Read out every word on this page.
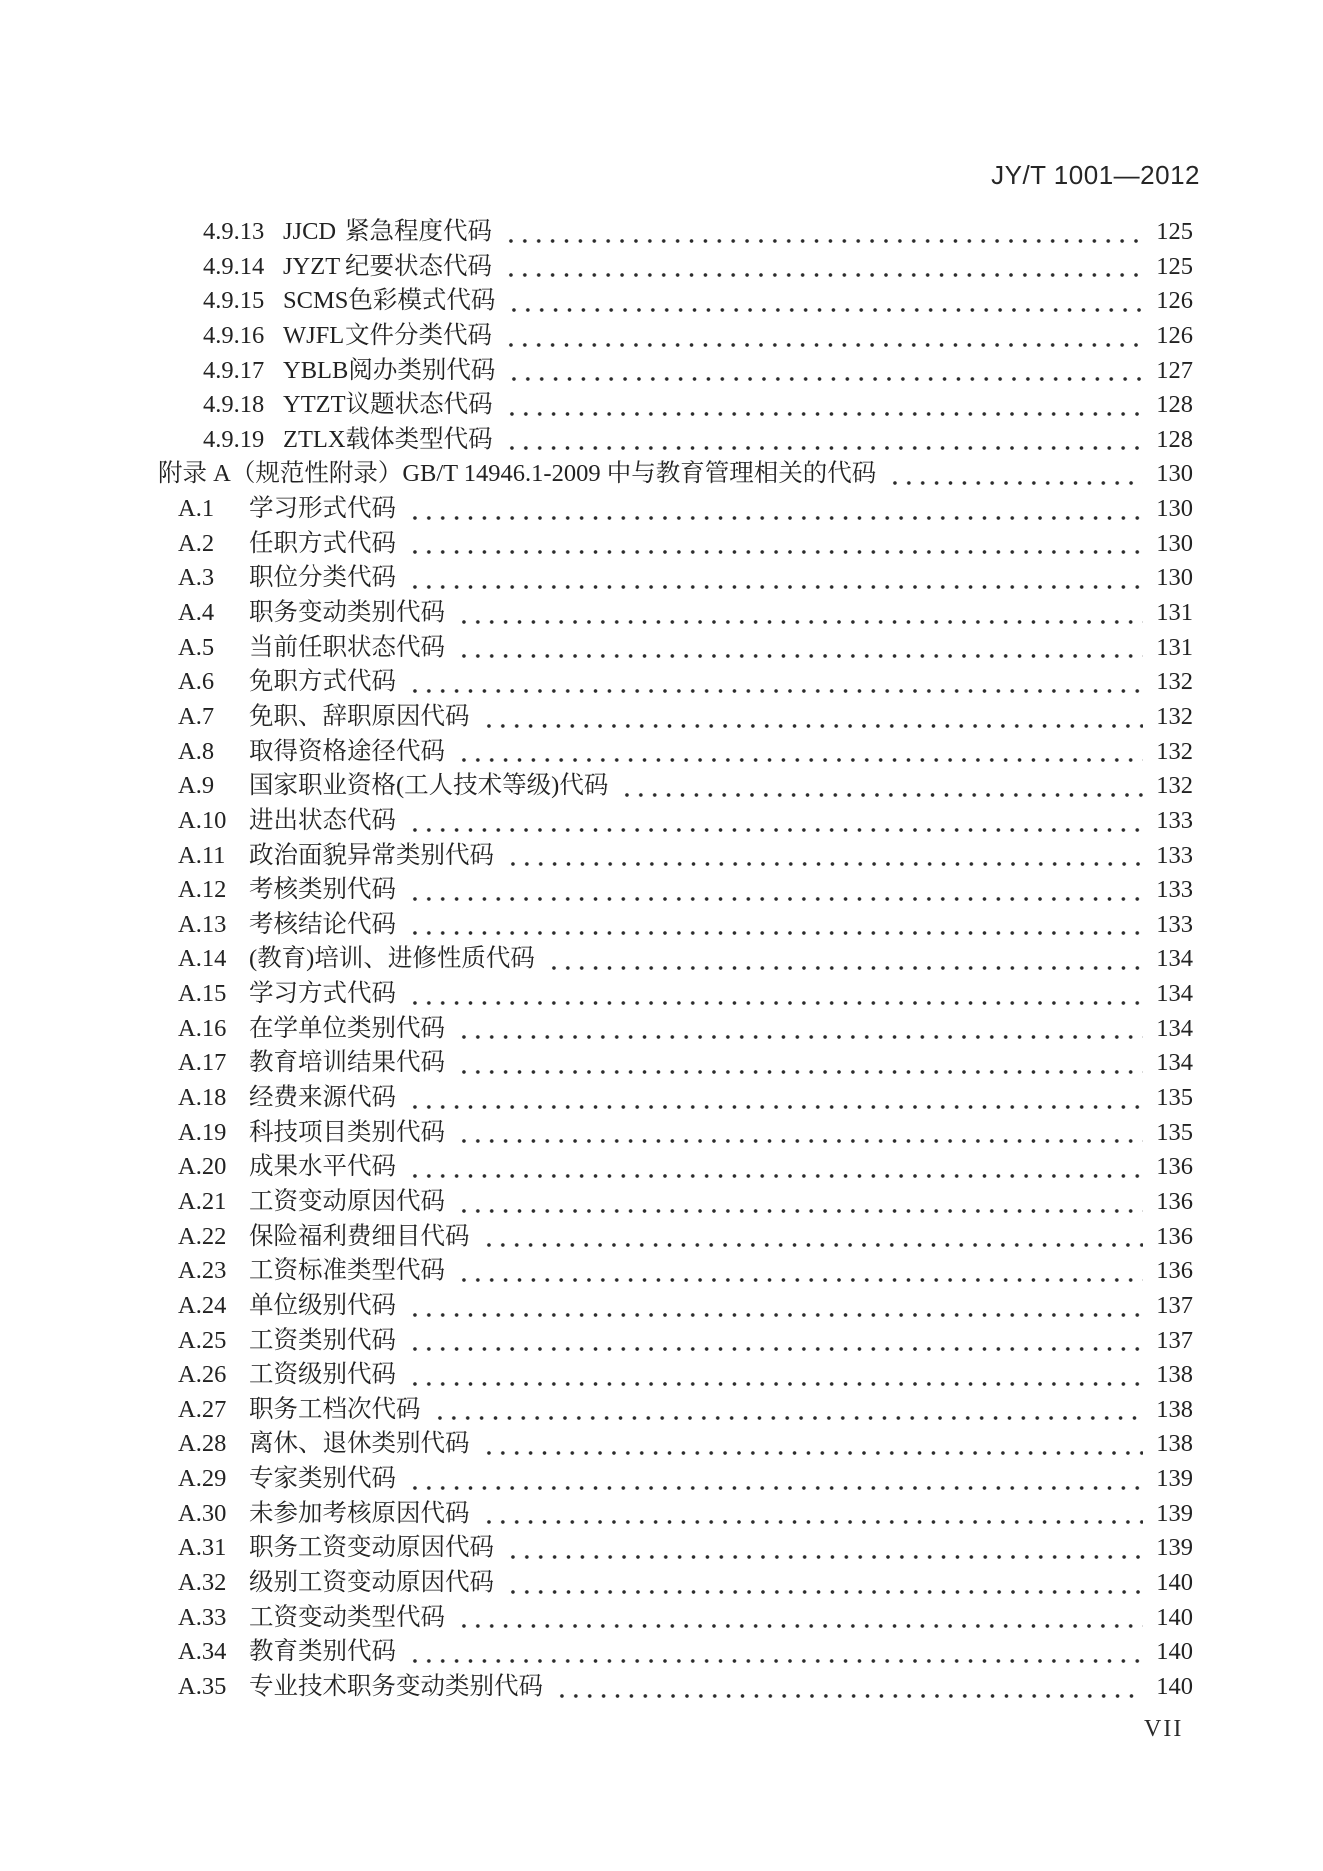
JY/T 1001—2012
4.9.13 JJCD 紧急程度代码	125
4.9.14 JYZT 纪要状态代码	125
4.9.15 SCMS 色彩模式代码	126
4.9.16 WJFL 文件分类代码	126
4.9.17 YBLB 阅办类别代码	127
4.9.18 YTZT 议题状态代码	128
4.9.19 ZTLX 载体类型代码	128
附录 A（规范性附录）GB/T 14946.1-2009 中与教育管理相关的代码	130
A.1	学习形式代码	130
A.2	任职方式代码	130
A.3	职位分类代码	130
A.4	职务变动类别代码	131
A.5	当前任职状态代码	131
A.6	免职方式代码	132
A.7	免职、辞职原因代码	132
A.8	取得资格途径代码	132
A.9	国家职业资格(工人技术等级)代码	132
A.10 进出状态代码	133
A.11 政治面貌异常类别代码	133
A.12 考核类别代码	133
A.13 考核结论代码	133
A.14 (教育)培训、进修性质代码	134
A.15 学习方式代码	134
A.16 在学单位类别代码	134
A.17 教育培训结果代码	134
A.18 经费来源代码	135
A.19 科技项目类别代码	135
A.20 成果水平代码	136
A.21 工资变动原因代码	136
A.22 保险福利费细目代码	136
A.23 工资标准类型代码	136
A.24 单位级别代码	137
A.25 工资类别代码	137
A.26 工资级别代码	138
A.27 职务工档次代码	138
A.28 离休、退休类别代码	138
A.29 专家类别代码	139
A.30 未参加考核原因代码	139
A.31 职务工资变动原因代码	139
A.32 级别工资变动原因代码	140
A.33 工资变动类型代码	140
A.34 教育类别代码	140
A.35 专业技术职务变动类别代码	140
VII
